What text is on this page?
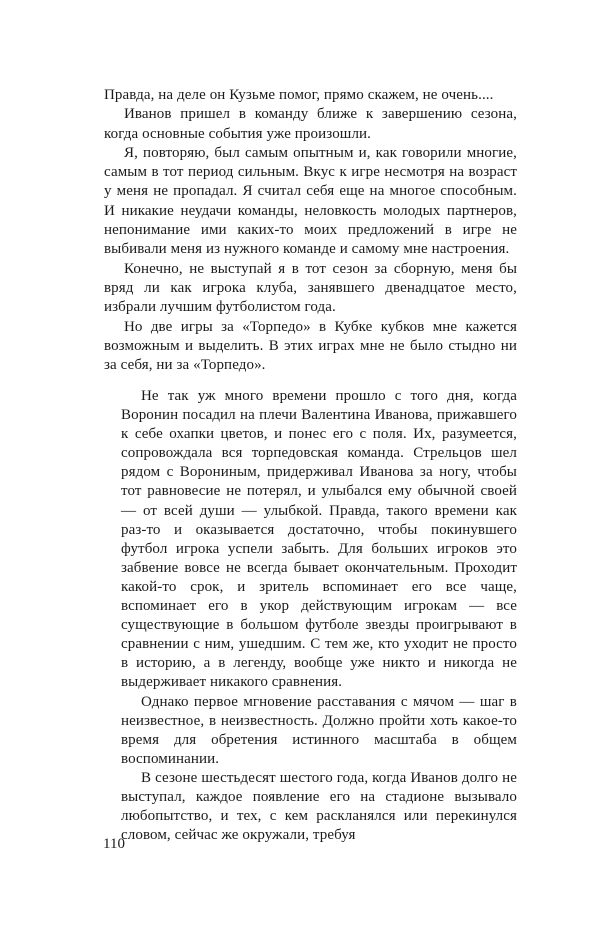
Правда, на деле он Кузьме помог, прямо скажем, не очень....

Иванов пришел в команду ближе к завершению сезона, когда основные события уже произошли.

Я, повторяю, был самым опытным и, как говорили многие, самым в тот период сильным. Вкус к игре несмотря на возраст у меня не пропадал. Я считал себя еще на многое способным. И никакие неудачи команды, неловкость молодых партнеров, непонимание ими каких-то моих предложений в игре не выбивали меня из нужного команде и самому мне настроения.

Конечно, не выступай я в тот сезон за сборную, меня бы вряд ли как игрока клуба, занявшего двенадцатое место, избрали лучшим футболистом года.

Но две игры за «Торпедо» в Кубке кубков мне кажется возможным и выделить. В этих играх мне не было стыдно ни за себя, ни за «Торпедо».

Не так уж много времени прошло с того дня, когда Воронин посадил на плечи Валентина Иванова, прижавшего к себе охапки цветов, и понес его с поля. Их, разумеется, сопровождала вся торпедовская команда. Стрельцов шел рядом с Ворониным, придерживал Иванова за ногу, чтобы тот равновесие не потерял, и улыбался ему обычной своей — от всей души — улыбкой. Правда, такого времени как раз-то и оказывается достаточно, чтобы покинувшего футбол игрока успели забыть. Для больших игроков это забвение вовсе не всегда бывает окончательным. Проходит какой-то срок, и зритель вспоминает его все чаще, вспоминает его в укор действующим игрокам — все существующие в большом футболе звезды проигрывают в сравнении с ним, ушедшим. С тем же, кто уходит не просто в историю, а в легенду, вообще уже никто и никогда не выдерживает никакого сравнения.

Однако первое мгновение расставания с мячом — шаг в неизвестное, в неизвестность. Должно пройти хоть какое-то время для обретения истинного масштаба в общем воспоминании.

В сезоне шестьдесят шестого года, когда Иванов долго не выступал, каждое появление его на стадионе вызывало любопытство, и тех, с кем раскланялся или перекинулся словом, сейчас же окружали, требуя

110
